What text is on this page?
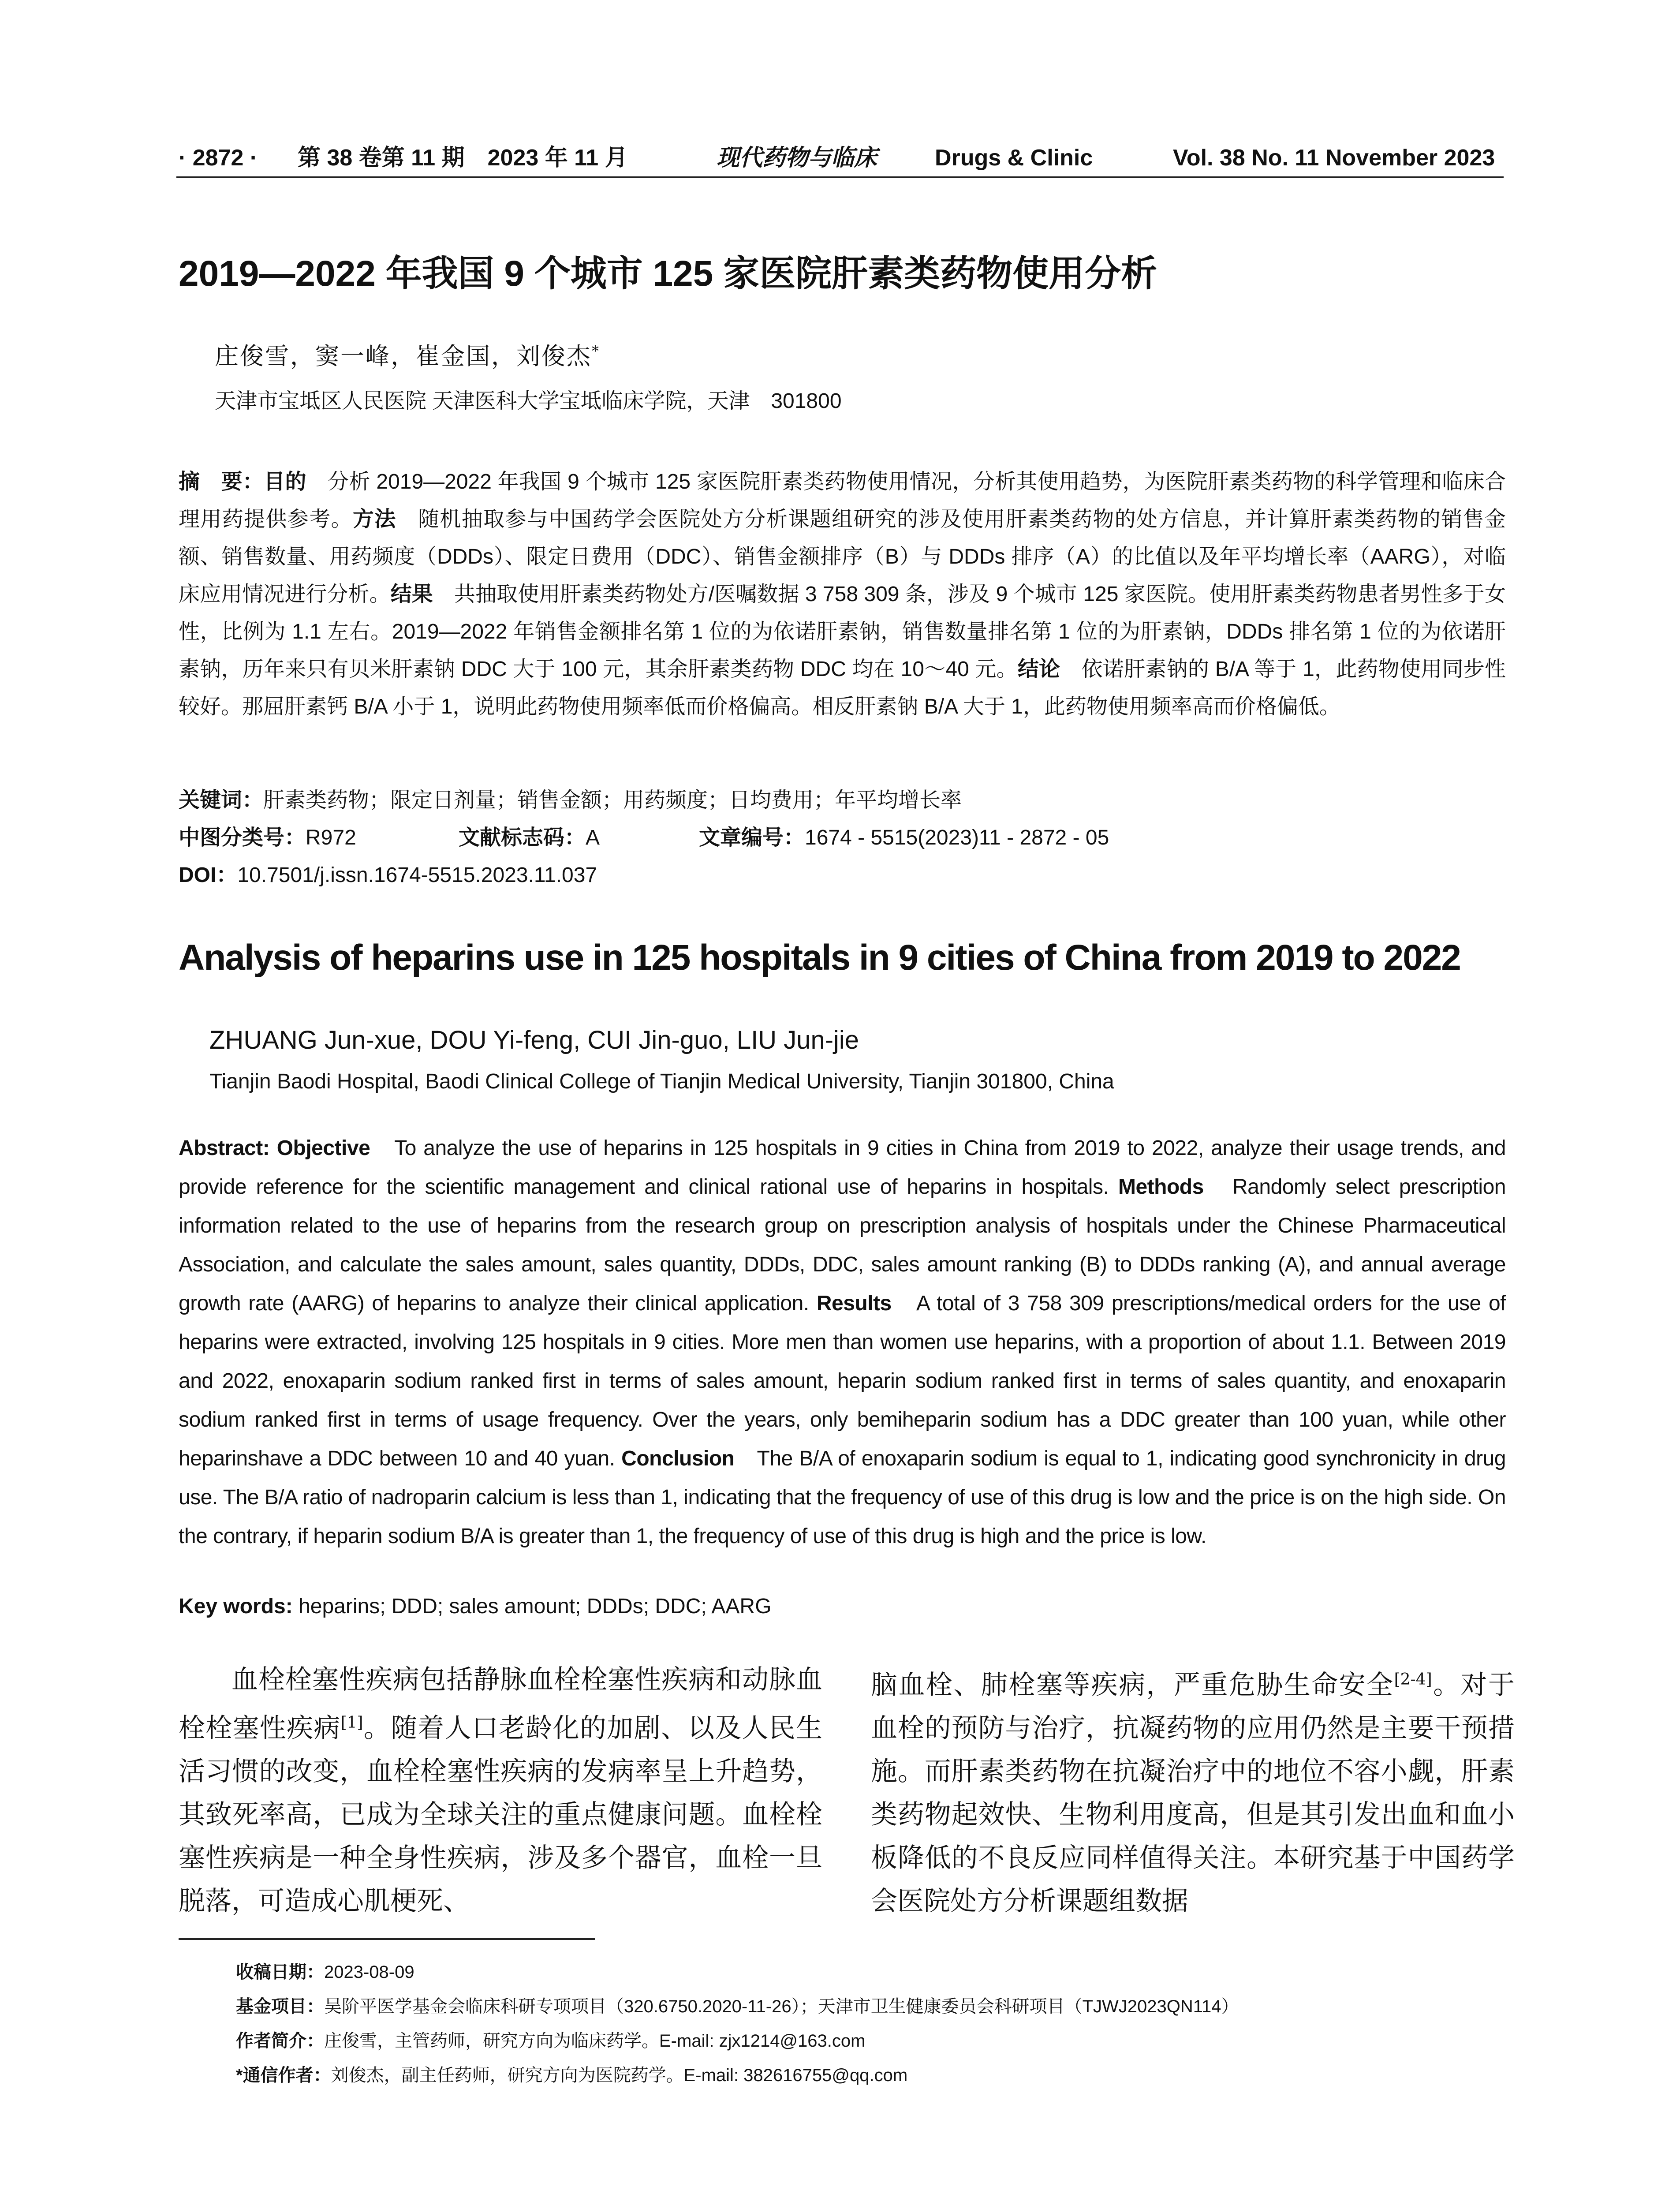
· 2872 · 第 38 卷第 11 期　2023 年 11 月	现代药物与临床	Drugs & Clinic	Vol. 38 No. 11 November 2023
2019—2022 年我国 9 个城市 125 家医院肝素类药物使用分析
庄俊雪，窦一峰，崔金国，刘俊杰*
天津市宝坻区人民医院 天津医科大学宝坻临床学院，天津　301800
摘　要：目的　分析 2019—2022 年我国 9 个城市 125 家医院肝素类药物使用情况，分析其使用趋势，为医院肝素类药物的科学管理和临床合理用药提供参考。方法　随机抽取参与中国药学会医院处方分析课题组研究的涉及使用肝素类药物的处方信息，并计算肝素类药物的销售金额、销售数量、用药频度（DDDs）、限定日费用（DDC）、销售金额排序（B）与 DDDs 排序（A）的比值以及年平均增长率（AARG），对临床应用情况进行分析。结果　共抽取使用肝素类药物处方/医嘱数据 3 758 309 条，涉及 9 个城市 125 家医院。使用肝素类药物患者男性多于女性，比例为 1.1 左右。2019—2022 年销售金额排名第 1 位的为依诺肝素钠，销售数量排名第 1 位的为肝素钠，DDDs 排名第 1 位的为依诺肝素钠，历年来只有贝米肝素钠 DDC 大于 100 元，其余肝素类药物 DDC 均在 10～40 元。结论　依诺肝素钠的 B/A 等于 1，此药物使用同步性较好。那屈肝素钙 B/A 小于 1，说明此药物使用频率低而价格偏高。相反肝素钠 B/A 大于 1，此药物使用频率高而价格偏低。
关键词：肝素类药物；限定日剂量；销售金额；用药频度；日均费用；年平均增长率
中图分类号：R972	文献标志码：A	文章编号：1674 - 5515(2023)11 - 2872 - 05
DOI：10.7501/j.issn.1674-5515.2023.11.037
Analysis of heparins use in 125 hospitals in 9 cities of China from 2019 to 2022
ZHUANG Jun-xue, DOU Yi-feng, CUI Jin-guo, LIU Jun-jie
Tianjin Baodi Hospital, Baodi Clinical College of Tianjin Medical University, Tianjin 301800, China
Abstract: Objective　To analyze the use of heparins in 125 hospitals in 9 cities in China from 2019 to 2022, analyze their usage trends, and provide reference for the scientific management and clinical rational use of heparins in hospitals. Methods　Randomly select prescription information related to the use of heparins from the research group on prescription analysis of hospitals under the Chinese Pharmaceutical Association, and calculate the sales amount, sales quantity, DDDs, DDC, sales amount ranking (B) to DDDs ranking (A), and annual average growth rate (AARG) of heparins to analyze their clinical application. Results　A total of 3 758 309 prescriptions/medical orders for the use of heparins were extracted, involving 125 hospitals in 9 cities. More men than women use heparins, with a proportion of about 1.1. Between 2019 and 2022, enoxaparin sodium ranked first in terms of sales amount, heparin sodium ranked first in terms of sales quantity, and enoxaparin sodium ranked first in terms of usage frequency. Over the years, only bemiheparin sodium has a DDC greater than 100 yuan, while other heparinshave a DDC between 10 and 40 yuan. Conclusion　The B/A of enoxaparin sodium is equal to 1, indicating good synchronicity in drug use. The B/A ratio of nadroparin calcium is less than 1, indicating that the frequency of use of this drug is low and the price is on the high side. On the contrary, if heparin sodium B/A is greater than 1, the frequency of use of this drug is high and the price is low.
Key words: heparins; DDD; sales amount; DDDs; DDC; AARG
血栓栓塞性疾病包括静脉血栓栓塞性疾病和动脉血栓栓塞性疾病[1]。随着人口老龄化的加剧、以及人民生活习惯的改变，血栓栓塞性疾病的发病率呈上升趋势，其致死率高，已成为全球关注的重点健康问题。血栓栓塞性疾病是一种全身性疾病，涉及多个器官，血栓一旦脱落，可造成心肌梗死、
脑血栓、肺栓塞等疾病，严重危胁生命安全[2-4]。对于血栓的预防与治疗，抗凝药物的应用仍然是主要干预措施。而肝素类药物在抗凝治疗中的地位不容小觑，肝素类药物起效快、生物利用度高，但是其引发出血和血小板降低的不良反应同样值得关注。本研究基于中国药学会医院处方分析课题组数据
收稿日期：2023-08-09
基金项目：吴阶平医学基金会临床科研专项项目（320.6750.2020-11-26）；天津市卫生健康委员会科研项目（TJWJ2023QN114）
作者简介：庄俊雪，主管药师，研究方向为临床药学。E-mail: zjx1214@163.com
*通信作者：刘俊杰，副主任药师，研究方向为医院药学。E-mail: 382616755@qq.com
